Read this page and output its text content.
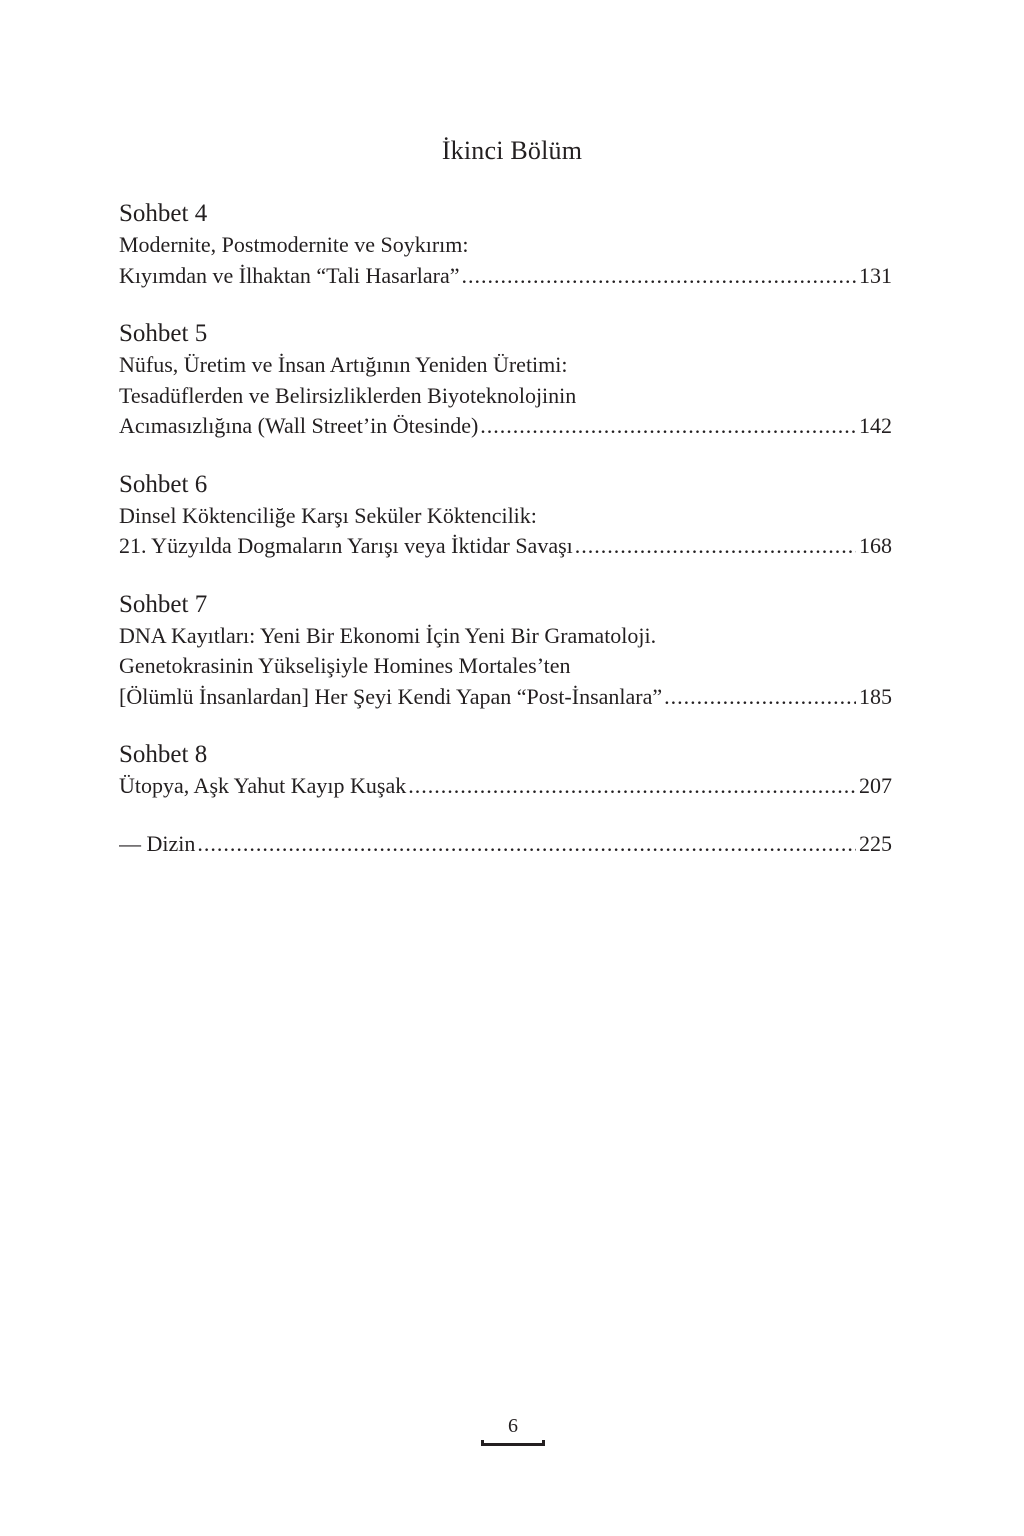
İkinci Bölüm
Sohbet 4
Modernite, Postmodernite ve Soykırım:
Kıyımdan ve İlhaktan “Tali Hasarlara” .....	131
Sohbet 5
Nüfus, Üretim ve İnsan Artığının Yeniden Üretimi:
Tesadüflerden ve Belirsizliklerden Biyoteknolojinin
Acımasızlığına (Wall Street’in Ötesinde) .....	142
Sohbet 6
Dinsel Köktenciliğe Karşı Seküler Köktencilik:
21. Yüzyılda Dogmaların Yarışı veya İktidar Savaşı .....	168
Sohbet 7
DNA Kayıtları: Yeni Bir Ekonomi İçin Yeni Bir Gramatoloji.
Genetokrasinin Yükselişiyle Homines Mortales’ten
[Ölümlü İnsanlardan] Her Şeyi Kendi Yapan “Post-İnsanlara” .....	185
Sohbet 8
Ütopya, Aşk Yahut Kayıp Kuşak .....	207
— Dizin .....	225
6
